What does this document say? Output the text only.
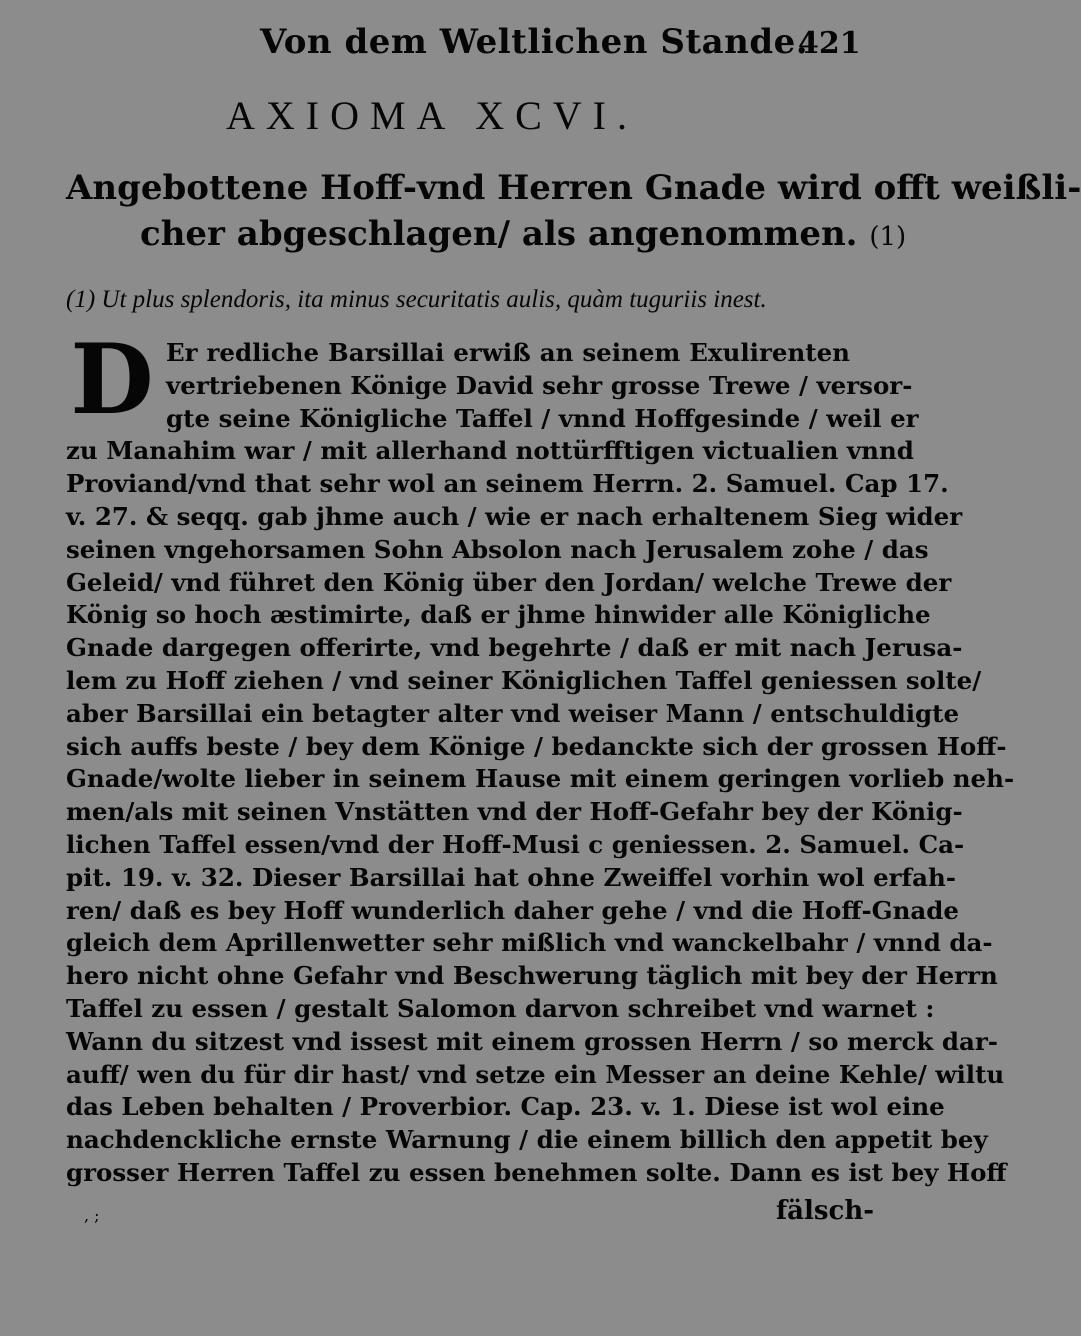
Von dem Weltlichen Stande.
421
AXIOMA XCVI.
Angebottene Hoff-vnd Herren Gnade wird offt weißli-
cher abgeschlagen/ als angenommen. (1)
(1) Ut plus splendoris, ita minus securitatis aulis, quàm tuguriis inest.
D Er redliche Barsillai erwiß an seinem Exulirenten
vertriebenen Könige David sehr grosse Trewe / versor-
gte seine Königliche Taffel / vnnd Hoffgesinde / weil er
zu Manahim war / mit allerhand nottürfftigen victualien vnnd
Proviand/vnd that sehr wol an seinem Herrn. 2. Samuel. Cap 17.
v. 27. & seqq. gab jhme auch / wie er nach erhaltenem Sieg wider
seinen vngehorsamen Sohn Absolon nach Jerusalem zohe / das
Geleid/ vnd führet den König über den Jordan/ welche Trewe der
König so hoch æstimirte, daß er jhme hinwider alle Königliche
Gnade dargegen offerirte, vnd begehrte / daß er mit nach Jerusa-
lem zu Hoff ziehen / vnd seiner Königlichen Taffel geniessen solte/
aber Barsillai ein betagter alter vnd weiser Mann / entschuldigte
sich auffs beste / bey dem Könige / bedanckte sich der grossen Hoff-
Gnade/wolte lieber in seinem Hause mit einem geringen vorlieb neh-
men/als mit seinen Vnstätten vnd der Hoff-Gefahr bey der König-
lichen Taffel essen/vnd der Hoff-Musi c geniessen. 2. Samuel. Ca-
pit. 19. v. 32. Dieser Barsillai hat ohne Zweiffel vorhin wol erfah-
ren/ daß es bey Hoff wunderlich daher gehe / vnd die Hoff-Gnade
gleich dem Aprillenwetter sehr mißlich vnd wanckelbahr / vnnd da-
hero nicht ohne Gefahr vnd Beschwerung täglich mit bey der Herrn
Taffel zu essen / gestalt Salomon darvon schreibet vnd warnet :
Wann du sitzest vnd issest mit einem grossen Herrn / so merck dar-
auff/ wen du für dir hast/ vnd setze ein Messer an deine Kehle/ wiltu
das Leben behalten / Proverbior. Cap. 23. v. 1. Diese ist wol eine
nachdenckliche ernste Warnung / die einem billich den appetit bey
grosser Herren Taffel zu essen benehmen solte. Dann es ist bey Hoff
, ;	fälsch-
